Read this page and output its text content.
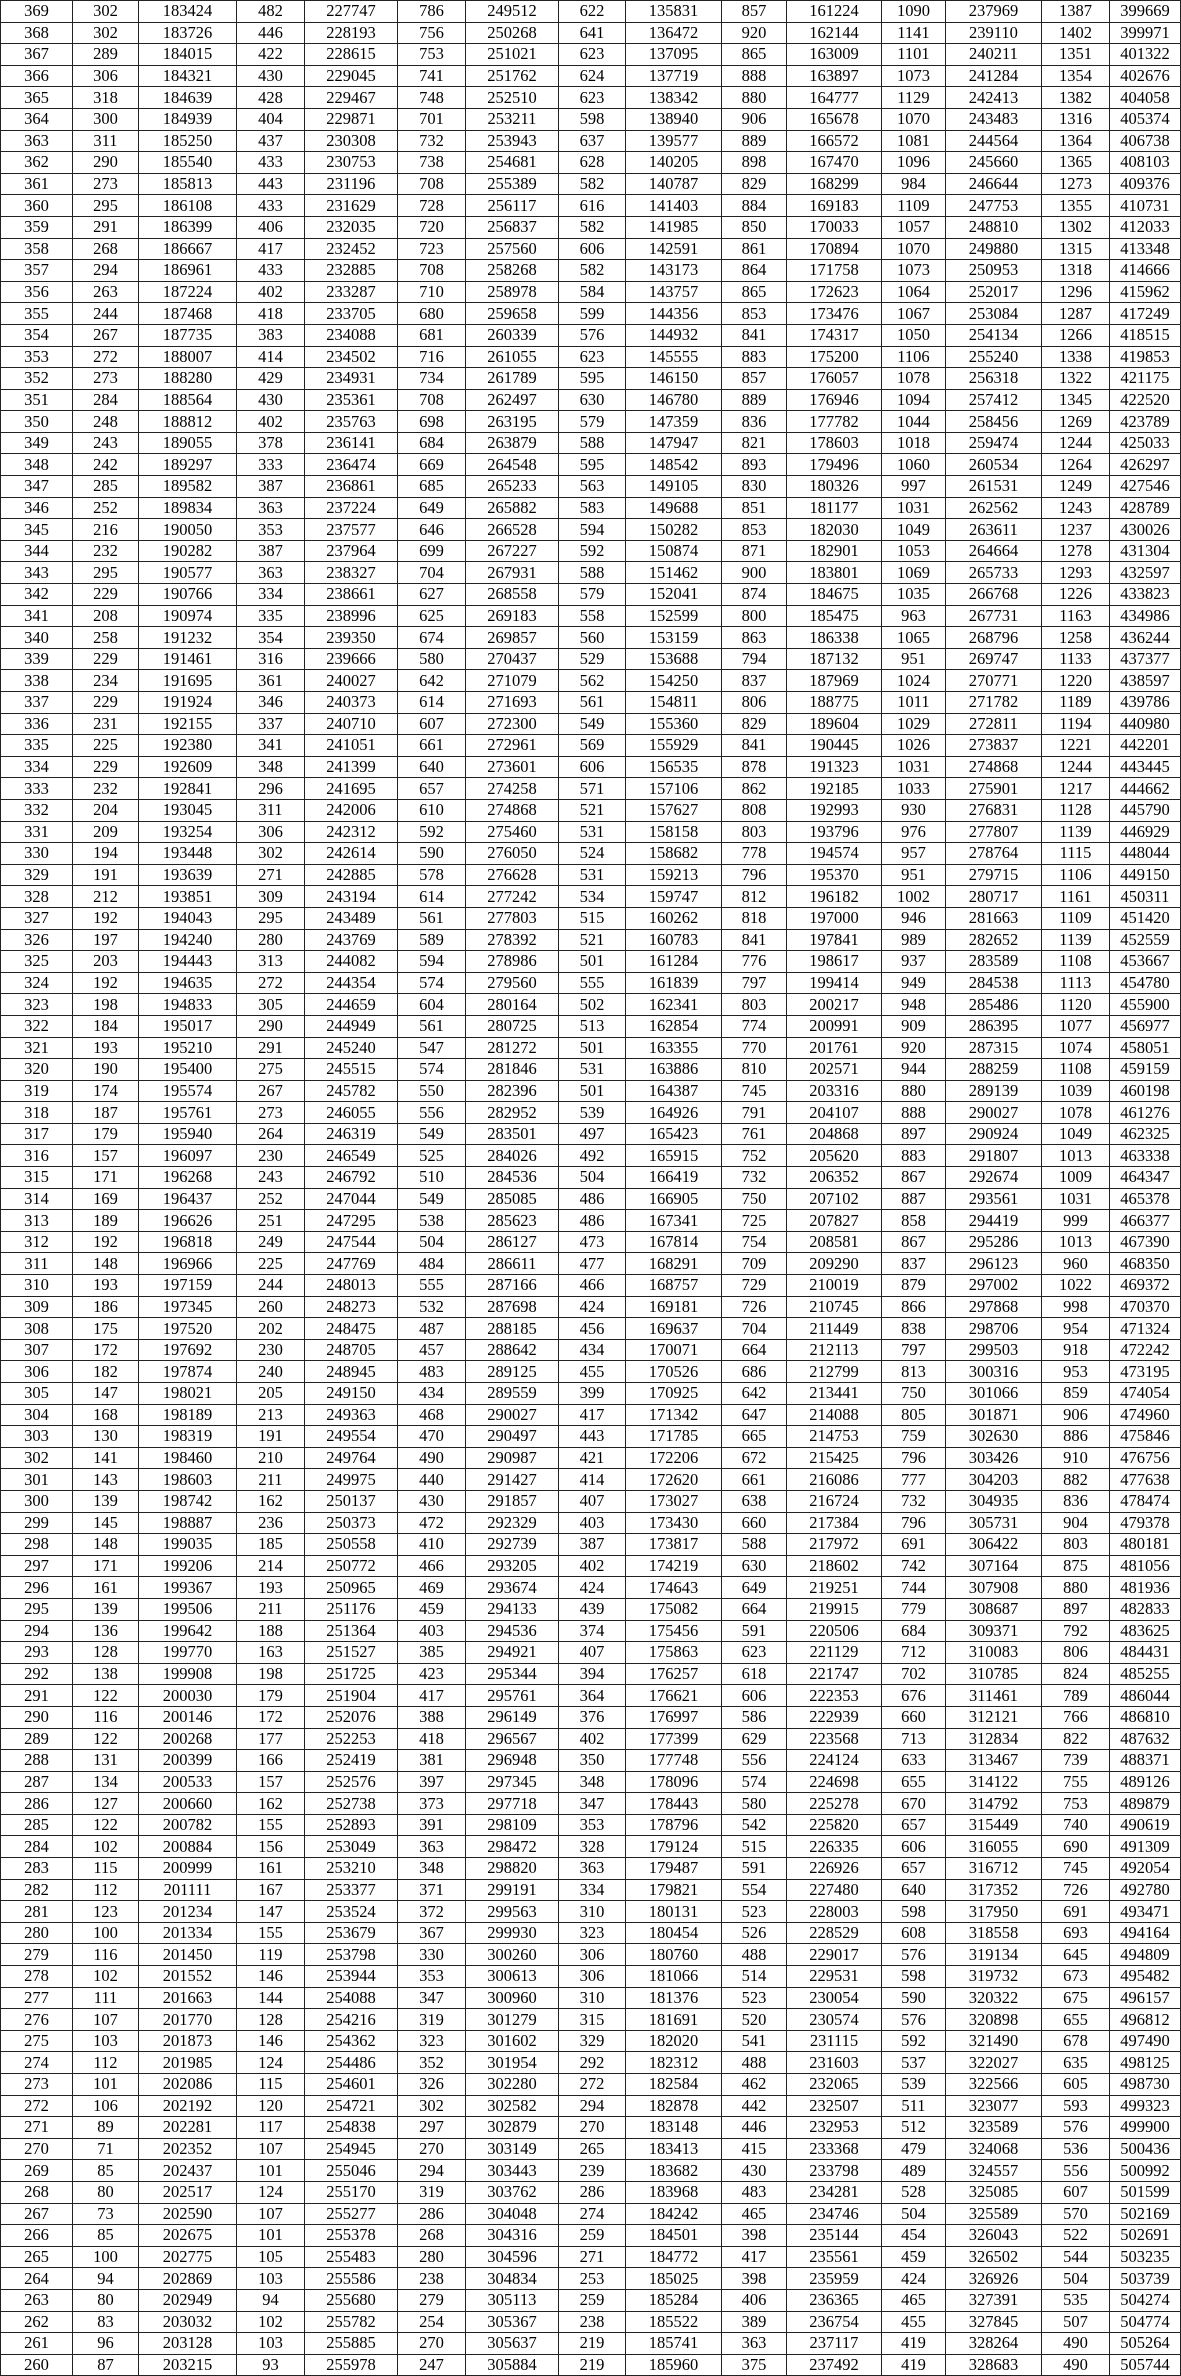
369	302	183424	482	227747	786	249512	622	135831	857	161224	1090	237969	1387	399669
368	302	183726	446	228193	756	250268	641	136472	920	162144	1141	239110	1402	399971
367	289	184015	422	228615	753	251021	623	137095	865	163009	1101	240211	1351	401322
366	306	184321	430	229045	741	251762	624	137719	888	163897	1073	241284	1354	402676
365	318	184639	428	229467	748	252510	623	138342	880	164777	1129	242413	1382	404058
364	300	184939	404	229871	701	253211	598	138940	906	165678	1070	243483	1316	405374
363	311	185250	437	230308	732	253943	637	139577	889	166572	1081	244564	1364	406738
362	290	185540	433	230753	738	254681	628	140205	898	167470	1096	245660	1365	408103
361	273	185813	443	231196	708	255389	582	140787	829	168299	984	246644	1273	409376
360	295	186108	433	231629	728	256117	616	141403	884	169183	1109	247753	1355	410731
359	291	186399	406	232035	720	256837	582	141985	850	170033	1057	248810	1302	412033
358	268	186667	417	232452	723	257560	606	142591	861	170894	1070	249880	1315	413348
357	294	186961	433	232885	708	258268	582	143173	864	171758	1073	250953	1318	414666
356	263	187224	402	233287	710	258978	584	143757	865	172623	1064	252017	1296	415962
355	244	187468	418	233705	680	259658	599	144356	853	173476	1067	253084	1287	417249
354	267	187735	383	234088	681	260339	576	144932	841	174317	1050	254134	1266	418515
353	272	188007	414	234502	716	261055	623	145555	883	175200	1106	255240	1338	419853
352	273	188280	429	234931	734	261789	595	146150	857	176057	1078	256318	1322	421175
351	284	188564	430	235361	708	262497	630	146780	889	176946	1094	257412	1345	422520
350	248	188812	402	235763	698	263195	579	147359	836	177782	1044	258456	1269	423789
349	243	189055	378	236141	684	263879	588	147947	821	178603	1018	259474	1244	425033
348	242	189297	333	236474	669	264548	595	148542	893	179496	1060	260534	1264	426297
347	285	189582	387	236861	685	265233	563	149105	830	180326	997	261531	1249	427546
346	252	189834	363	237224	649	265882	583	149688	851	181177	1031	262562	1243	428789
345	216	190050	353	237577	646	266528	594	150282	853	182030	1049	263611	1237	430026
344	232	190282	387	237964	699	267227	592	150874	871	182901	1053	264664	1278	431304
343	295	190577	363	238327	704	267931	588	151462	900	183801	1069	265733	1293	432597
342	229	190766	334	238661	627	268558	579	152041	874	184675	1035	266768	1226	433823
341	208	190974	335	238996	625	269183	558	152599	800	185475	963	267731	1163	434986
340	258	191232	354	239350	674	269857	560	153159	863	186338	1065	268796	1258	436244
339	229	191461	316	239666	580	270437	529	153688	794	187132	951	269747	1133	437377
338	234	191695	361	240027	642	271079	562	154250	837	187969	1024	270771	1220	438597
337	229	191924	346	240373	614	271693	561	154811	806	188775	1011	271782	1189	439786
336	231	192155	337	240710	607	272300	549	155360	829	189604	1029	272811	1194	440980
335	225	192380	341	241051	661	272961	569	155929	841	190445	1026	273837	1221	442201
334	229	192609	348	241399	640	273601	606	156535	878	191323	1031	274868	1244	443445
333	232	192841	296	241695	657	274258	571	157106	862	192185	1033	275901	1217	444662
332	204	193045	311	242006	610	274868	521	157627	808	192993	930	276831	1128	445790
331	209	193254	306	242312	592	275460	531	158158	803	193796	976	277807	1139	446929
330	194	193448	302	242614	590	276050	524	158682	778	194574	957	278764	1115	448044
329	191	193639	271	242885	578	276628	531	159213	796	195370	951	279715	1106	449150
328	212	193851	309	243194	614	277242	534	159747	812	196182	1002	280717	1161	450311
327	192	194043	295	243489	561	277803	515	160262	818	197000	946	281663	1109	451420
326	197	194240	280	243769	589	278392	521	160783	841	197841	989	282652	1139	452559
325	203	194443	313	244082	594	278986	501	161284	776	198617	937	283589	1108	453667
324	192	194635	272	244354	574	279560	555	161839	797	199414	949	284538	1113	454780
323	198	194833	305	244659	604	280164	502	162341	803	200217	948	285486	1120	455900
322	184	195017	290	244949	561	280725	513	162854	774	200991	909	286395	1077	456977
321	193	195210	291	245240	547	281272	501	163355	770	201761	920	287315	1074	458051
320	190	195400	275	245515	574	281846	531	163886	810	202571	944	288259	1108	459159
319	174	195574	267	245782	550	282396	501	164387	745	203316	880	289139	1039	460198
318	187	195761	273	246055	556	282952	539	164926	791	204107	888	290027	1078	461276
317	179	195940	264	246319	549	283501	497	165423	761	204868	897	290924	1049	462325
316	157	196097	230	246549	525	284026	492	165915	752	205620	883	291807	1013	463338
315	171	196268	243	246792	510	284536	504	166419	732	206352	867	292674	1009	464347
314	169	196437	252	247044	549	285085	486	166905	750	207102	887	293561	1031	465378
313	189	196626	251	247295	538	285623	486	167341	725	207827	858	294419	999	466377
312	192	196818	249	247544	504	286127	473	167814	754	208581	867	295286	1013	467390
311	148	196966	225	247769	484	286611	477	168291	709	209290	837	296123	960	468350
310	193	197159	244	248013	555	287166	466	168757	729	210019	879	297002	1022	469372
309	186	197345	260	248273	532	287698	424	169181	726	210745	866	297868	998	470370
308	175	197520	202	248475	487	288185	456	169637	704	211449	838	298706	954	471324
307	172	197692	230	248705	457	288642	434	170071	664	212113	797	299503	918	472242
306	182	197874	240	248945	483	289125	455	170526	686	212799	813	300316	953	473195
305	147	198021	205	249150	434	289559	399	170925	642	213441	750	301066	859	474054
304	168	198189	213	249363	468	290027	417	171342	647	214088	805	301871	906	474960
303	130	198319	191	249554	470	290497	443	171785	665	214753	759	302630	886	475846
302	141	198460	210	249764	490	290987	421	172206	672	215425	796	303426	910	476756
301	143	198603	211	249975	440	291427	414	172620	661	216086	777	304203	882	477638
300	139	198742	162	250137	430	291857	407	173027	638	216724	732	304935	836	478474
299	145	198887	236	250373	472	292329	403	173430	660	217384	796	305731	904	479378
298	148	199035	185	250558	410	292739	387	173817	588	217972	691	306422	803	480181
297	171	199206	214	250772	466	293205	402	174219	630	218602	742	307164	875	481056
296	161	199367	193	250965	469	293674	424	174643	649	219251	744	307908	880	481936
295	139	199506	211	251176	459	294133	439	175082	664	219915	779	308687	897	482833
294	136	199642	188	251364	403	294536	374	175456	591	220506	684	309371	792	483625
293	128	199770	163	251527	385	294921	407	175863	623	221129	712	310083	806	484431
292	138	199908	198	251725	423	295344	394	176257	618	221747	702	310785	824	485255
291	122	200030	179	251904	417	295761	364	176621	606	222353	676	311461	789	486044
290	116	200146	172	252076	388	296149	376	176997	586	222939	660	312121	766	486810
289	122	200268	177	252253	418	296567	402	177399	629	223568	713	312834	822	487632
288	131	200399	166	252419	381	296948	350	177748	556	224124	633	313467	739	488371
287	134	200533	157	252576	397	297345	348	178096	574	224698	655	314122	755	489126
286	127	200660	162	252738	373	297718	347	178443	580	225278	670	314792	753	489879
285	122	200782	155	252893	391	298109	353	178796	542	225820	657	315449	740	490619
284	102	200884	156	253049	363	298472	328	179124	515	226335	606	316055	690	491309
283	115	200999	161	253210	348	298820	363	179487	591	226926	657	316712	745	492054
282	112	201111	167	253377	371	299191	334	179821	554	227480	640	317352	726	492780
281	123	201234	147	253524	372	299563	310	180131	523	228003	598	317950	691	493471
280	100	201334	155	253679	367	299930	323	180454	526	228529	608	318558	693	494164
279	116	201450	119	253798	330	300260	306	180760	488	229017	576	319134	645	494809
278	102	201552	146	253944	353	300613	306	181066	514	229531	598	319732	673	495482
277	111	201663	144	254088	347	300960	310	181376	523	230054	590	320322	675	496157
276	107	201770	128	254216	319	301279	315	181691	520	230574	576	320898	655	496812
275	103	201873	146	254362	323	301602	329	182020	541	231115	592	321490	678	497490
274	112	201985	124	254486	352	301954	292	182312	488	231603	537	322027	635	498125
273	101	202086	115	254601	326	302280	272	182584	462	232065	539	322566	605	498730
272	106	202192	120	254721	302	302582	294	182878	442	232507	511	323077	593	499323
271	89	202281	117	254838	297	302879	270	183148	446	232953	512	323589	576	499900
270	71	202352	107	254945	270	303149	265	183413	415	233368	479	324068	536	500436
269	85	202437	101	255046	294	303443	239	183682	430	233798	489	324557	556	500992
268	80	202517	124	255170	319	303762	286	183968	483	234281	528	325085	607	501599
267	73	202590	107	255277	286	304048	274	184242	465	234746	504	325589	570	502169
266	85	202675	101	255378	268	304316	259	184501	398	235144	454	326043	522	502691
265	100	202775	105	255483	280	304596	271	184772	417	235561	459	326502	544	503235
264	94	202869	103	255586	238	304834	253	185025	398	235959	424	326926	504	503739
263	80	202949	94	255680	279	305113	259	185284	406	236365	465	327391	535	504274
262	83	203032	102	255782	254	305367	238	185522	389	236754	455	327845	507	504774
261	96	203128	103	255885	270	305637	219	185741	363	237117	419	328264	490	505264
260	87	203215	93	255978	247	305884	219	185960	375	237492	419	328683	490	505744
